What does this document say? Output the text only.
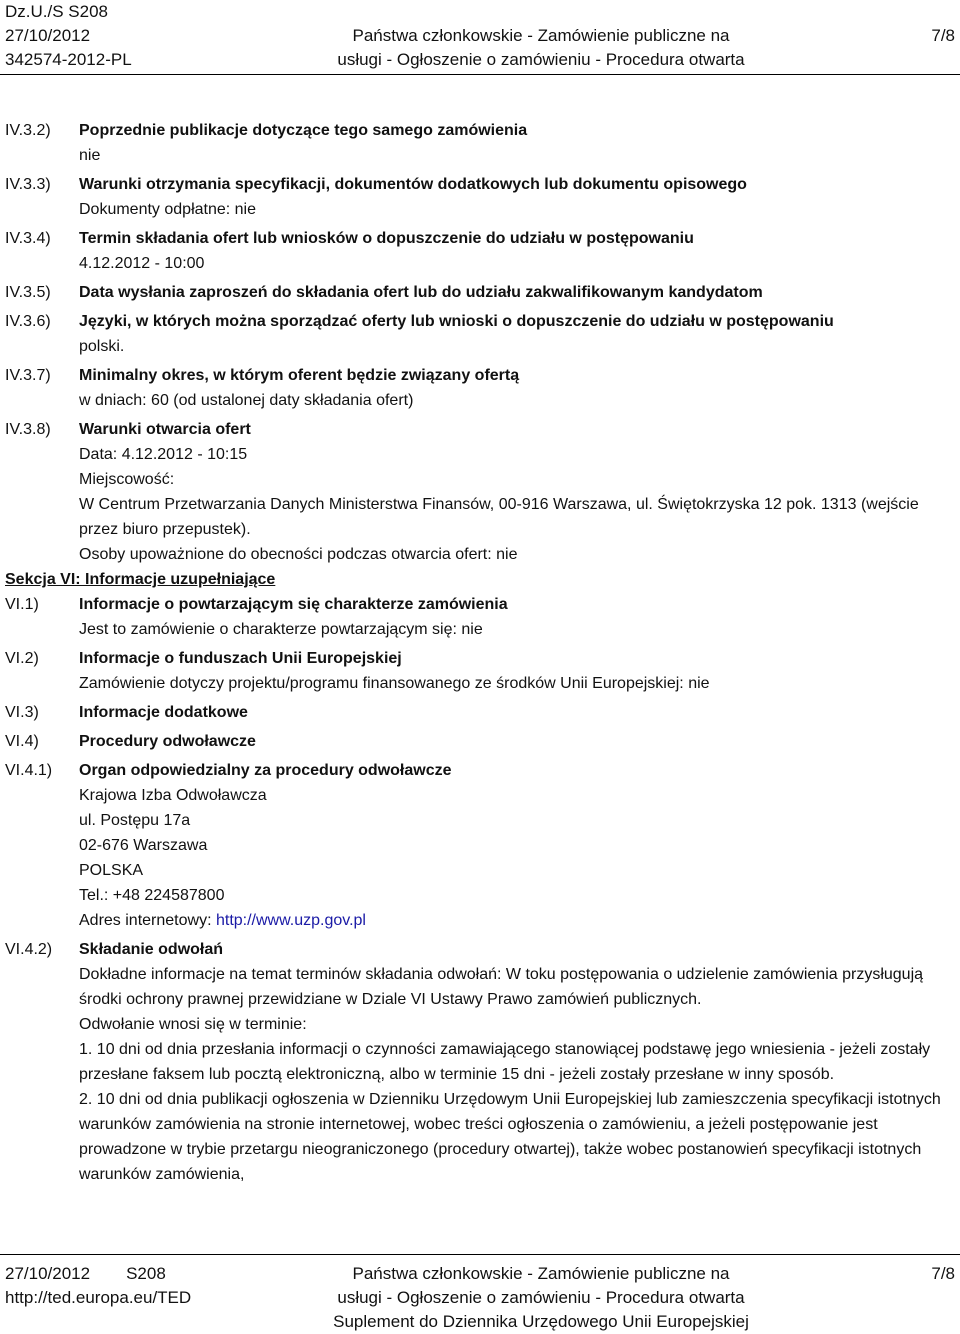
Dz.U./S S208
27/10/2012
342574-2012-PL

Państwa członkowskie - Zamówienie publiczne na
usługi - Ogłoszenie o zamówieniu - Procedura otwarta

7/8
IV.3.2) Poprzednie publikacje dotyczące tego samego zamówienia
nie
IV.3.3) Warunki otrzymania specyfikacji, dokumentów dodatkowych lub dokumentu opisowego
Dokumenty odpłatne: nie
IV.3.4) Termin składania ofert lub wniosków o dopuszczenie do udziału w postępowaniu
4.12.2012 - 10:00
IV.3.5) Data wysłania zaproszeń do składania ofert lub do udziału zakwalifikowanym kandydatom
IV.3.6) Języki, w których można sporządzać oferty lub wnioski o dopuszczenie do udziału w postępowaniu
polski.
IV.3.7) Minimalny okres, w którym oferent będzie związany ofertą
w dniach: 60 (od ustalonej daty składania ofert)
IV.3.8) Warunki otwarcia ofert
Data: 4.12.2012 - 10:15
Miejscowość:
W Centrum Przetwarzania Danych Ministerstwa Finansów, 00-916 Warszawa, ul. Świętokrzyska 12 pok. 1313 (wejście przez biuro przepustek).
Osoby upoważnione do obecności podczas otwarcia ofert: nie
Sekcja VI: Informacje uzupełniające
VI.1)	Informacje o powtarzającym się charakterze zamówienia
Jest to zamówienie o charakterze powtarzającym się: nie
VI.2)	Informacje o funduszach Unii Europejskiej
Zamówienie dotyczy projektu/programu finansowanego ze środków Unii Europejskiej: nie
VI.3)	Informacje dodatkowe
VI.4)	Procedury odwoławcze
VI.4.1) Organ odpowiedzialny za procedury odwoławcze
Krajowa Izba Odwoławcza
ul. Postępu 17a
02-676 Warszawa
POLSKA
Tel.: +48 224587800
Adres internetowy: http://www.uzp.gov.pl
VI.4.2) Składanie odwołań
Dokładne informacje na temat terminów składania odwołań: W toku postępowania o udzielenie zamówienia przysługują środki ochrony prawnej przewidziane w Dziale VI Ustawy Prawo zamówień publicznych.
Odwołanie wnosi się w terminie:
1. 10 dni od dnia przesłania informacji o czynności zamawiającego stanowiącej podstawę jego wniesienia - jeżeli zostały przesłane faksem lub pocztą elektroniczną, albo w terminie 15 dni - jeżeli zostały przesłane w inny sposób.
2. 10 dni od dnia publikacji ogłoszenia w Dzienniku Urzędowym Unii Europejskiej lub zamieszczenia specyfikacji istotnych warunków zamówienia na stronie internetowej, wobec treści ogłoszenia o zamówieniu, a jeżeli postępowanie jest prowadzone w trybie przetargu nieograniczonego (procedury otwartej), także wobec postanowień specyfikacji istotnych warunków zamówienia,
27/10/2012 S208
http://ted.europa.eu/TED
Państwa członkowskie - Zamówienie publiczne na
usługi - Ogłoszenie o zamówieniu - Procedura otwarta
Suplement do Dziennika Urzędowego Unii Europejskiej
7/8
